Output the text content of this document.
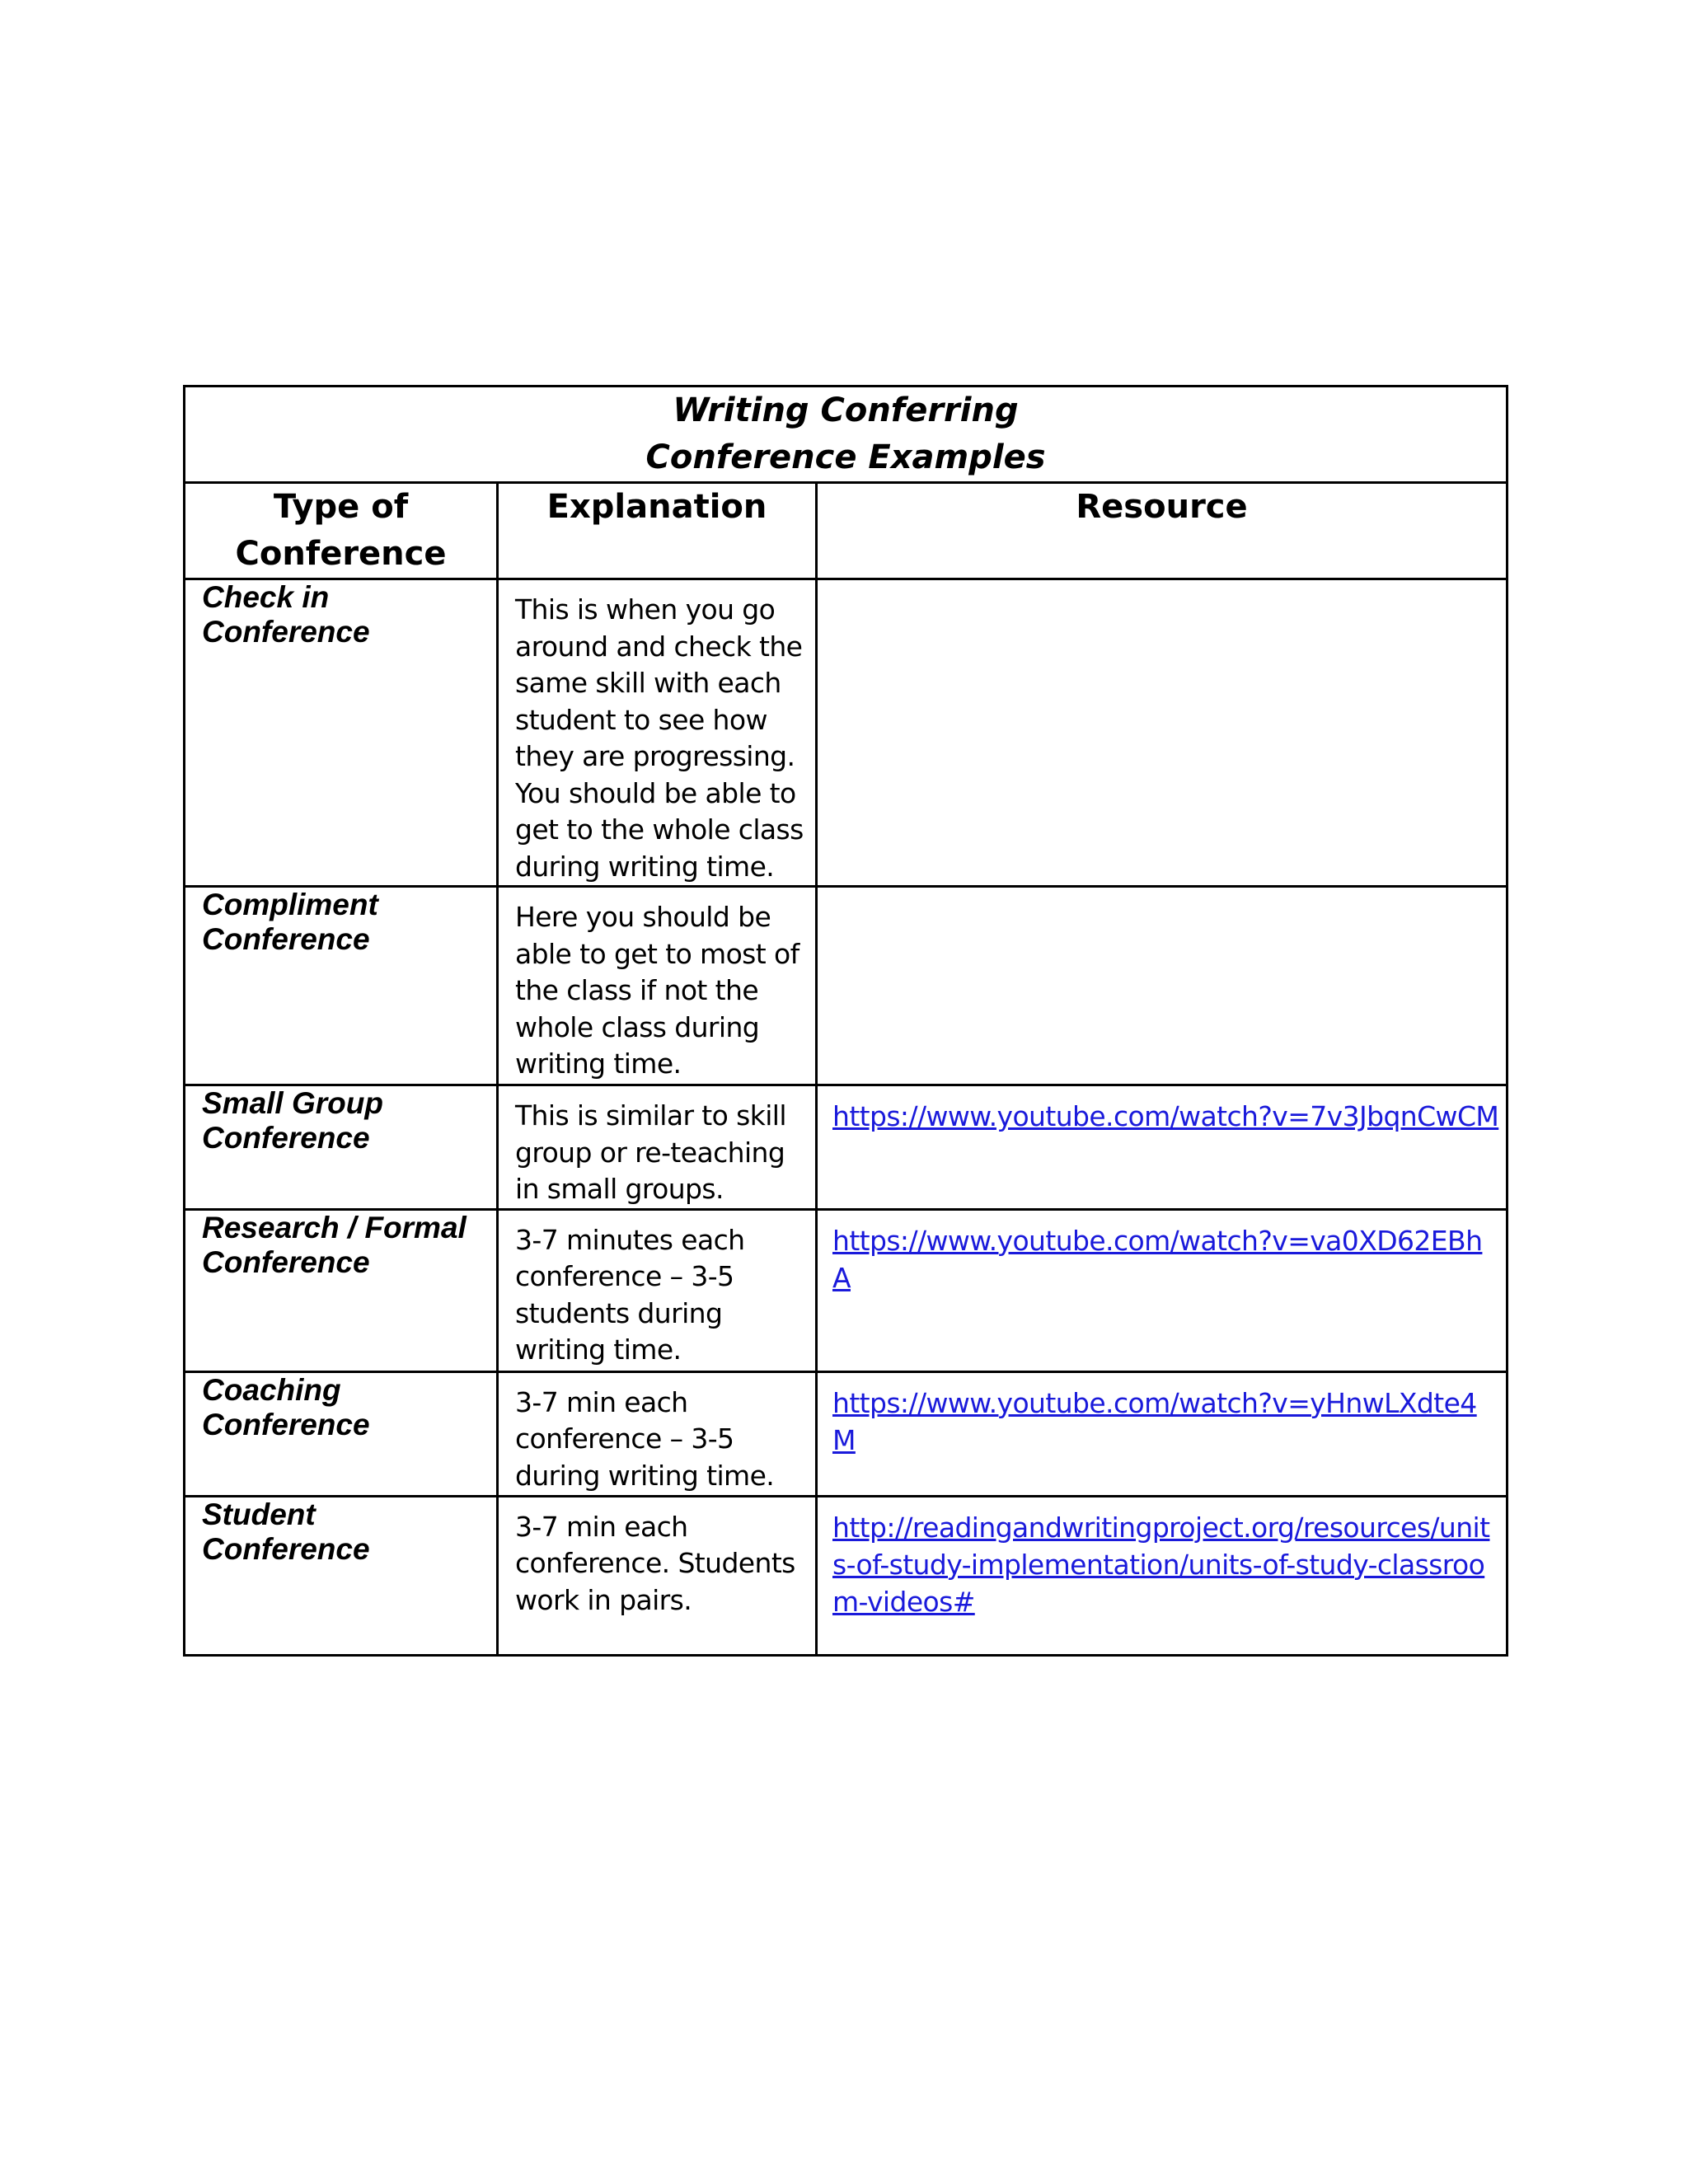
Writing Conferring
Conference Examples		

Type of
Conference	Explanation	Resource

Check in
Conference	This is when you go around and check the same skill with each student to see how they are progressing. You should be able to get to the whole class during writing time.	

Compliment
Conference	Here you should be able to get to most of the class if not the whole class during writing time.	

Small Group
Conference	This is similar to skill group or re-teaching in small groups.	https://www.youtube.com/watch?v=7v3JbqnCwCM

Research / Formal
Conference	3-7 minutes each conference – 3-5 students during writing time.	https://www.youtube.com/watch?v=va0XD62EBhA

Coaching
Conference	3-7 min each conference – 3-5 during writing time.	https://www.youtube.com/watch?v=yHnwLXdte4M

Student
Conference	3-7 min each conference. Students work in pairs.	http://readingandwritingproject.org/resources/units-of-study-implementation/units-of-study-classroom-videos#
